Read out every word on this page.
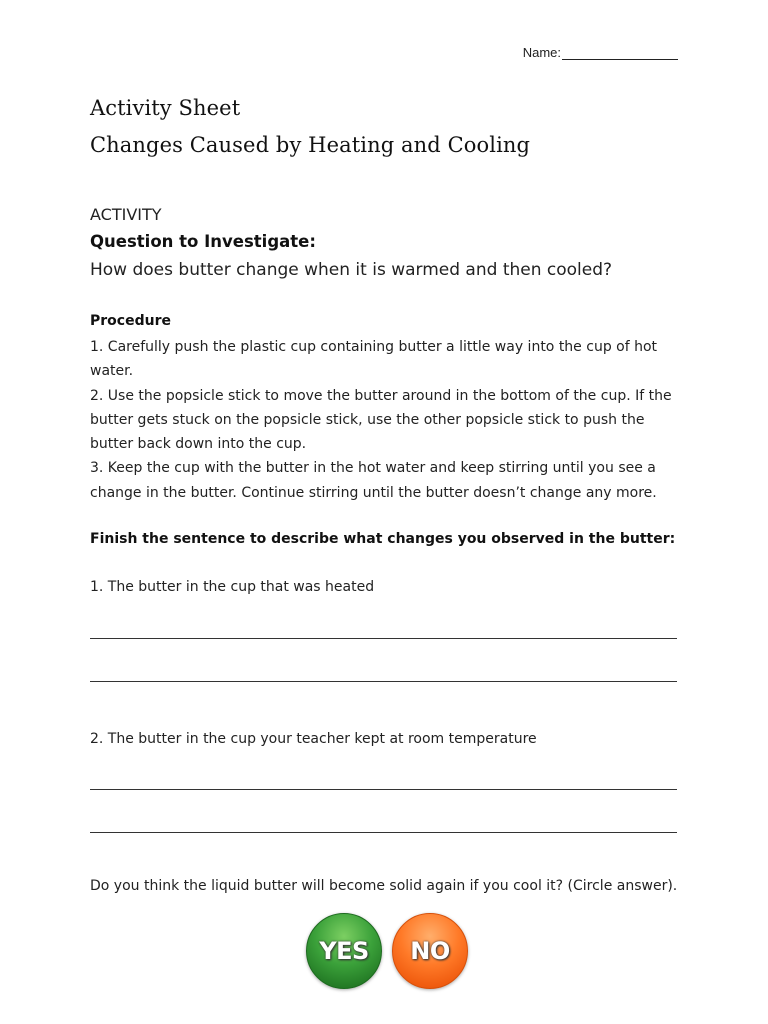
Name:
Activity Sheet
Changes Caused by Heating and Cooling
ACTIVITY
Question to Investigate:
How does butter change when it is warmed and then cooled?
Procedure

1. Carefully push the plastic cup containing butter a little way into the cup of hot water.

2. Use the popsicle stick to move the butter around in the bottom of the cup. If the butter gets stuck on the popsicle stick, use the other popsicle stick to push the butter back down into the cup.

3. Keep the cup with the butter in the hot water and keep stirring until you see a change in the butter. Continue stirring until the butter doesn’t change any more.

Finish the sentence to describe what changes you observed in the butter:
1. The butter in the cup that was heated
2. The butter in the cup your teacher kept at room temperature
Do you think the liquid butter will become solid again if you cool it? (Circle answer).
YES	NO
